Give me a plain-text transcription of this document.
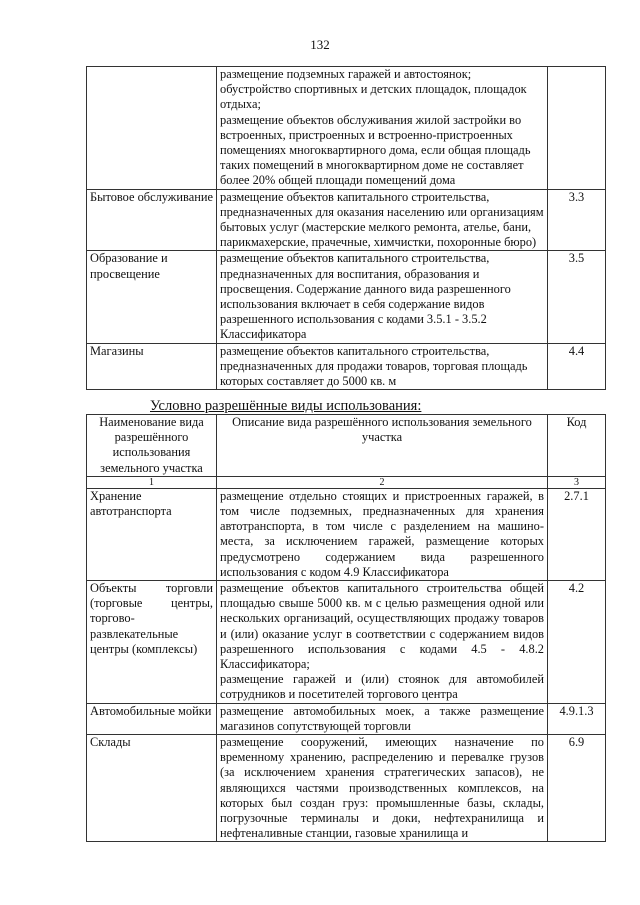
132

	размещение подземных гаражей и автостоянок;
обустройство спортивных и детских площадок, площадок отдыха;
размещение объектов обслуживания жилой застройки во встроенных, пристроенных и встроенно-пристроенных помещениях многоквартирного дома, если общая площадь таких помещений в многоквартирном доме не составляет более 20% общей площади помещений дома	

Бытовое обслуживание	размещение объектов капитального строительства, предназначенных для оказания населению или организациям бытовых услуг (мастерские мелкого ремонта, ателье, бани, парикмахерские, прачечные, химчистки, похоронные бюро)	3.3
Образование и просвещение	размещение объектов капитального строительства, предназначенных для воспитания, образования и просвещения. Содержание данного вида разрешенного использования включает в себя содержание видов разрешенного использования с кодами 3.5.1 - 3.5.2 Классификатора	3.5
Магазины	размещение объектов капитального строительства, предназначенных для продажи товаров, торговая площадь которых составляет до 5000 кв. м	4.4
Условно разрешённые виды использования:
Наименование вида разрешённого использования земельного участка	Описание вида разрешённого использования земельного участка	Код
1	2	3
Хранение автотранспорта	размещение отдельно стоящих и пристроенных гаражей, в том числе подземных, предназначенных для хранения автотранспорта, в том числе с разделением на машино-места, за исключением гаражей, размещение которых предусмотрено содержанием вида разрешенного использования с кодом 4.9 Классификатора	2.7.1
Объекты торговли (торговые центры, торгово-развлекательные центры (комплексы)	размещение объектов капитального строительства общей площадью свыше 5000 кв. м с целью размещения одной или нескольких организаций, осуществляющих продажу товаров и (или) оказание услуг в соответствии с содержанием видов разрешенного использования с кодами 4.5 - 4.8.2 Классификатора;
размещение гаражей и (или) стоянок для автомобилей сотрудников и посетителей торгового центра	4.2
Автомобильные мойки	размещение автомобильных моек, а также размещение магазинов сопутствующей торговли	4.9.1.3
Склады	размещение сооружений, имеющих назначение по временному хранению, распределению и перевалке грузов (за исключением хранения стратегических запасов), не являющихся частями производственных комплексов, на которых был создан груз: промышленные базы, склады, погрузочные терминалы и доки, нефтехранилища и нефтеналивные станции, газовые хранилища и	6.9
